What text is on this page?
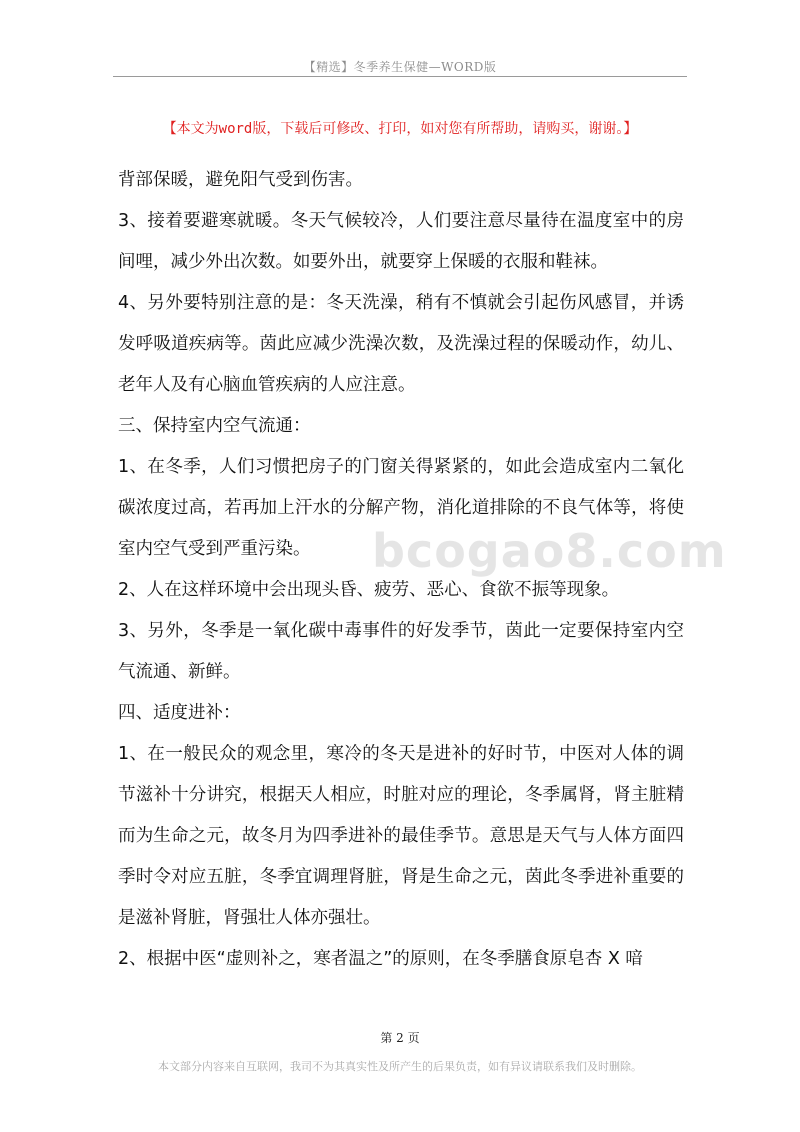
【精选】冬季养生保健—WORD版
【本文为word版，下载后可修改、打印，如对您有所帮助，请购买，谢谢。】

背部保暖，避免阳气受到伤害。

3、接着要避寒就暖。冬天气候较冷，人们要注意尽量待在温度室中的房间哩，减少外出次数。如要外出，就要穿上保暖的衣服和鞋袜。

4、另外要特别注意的是：冬天洗澡，稍有不慎就会引起伤风感冒，并诱发呼吸道疾病等。茵此应减少洗澡次数，及洗澡过程的保暖动作，幼儿、老年人及有心脑血管疾病的人应注意。

三、保持室内空气流通：

1、在冬季，人们习惯把房子的门窗关得紧紧的，如此会造成室内二氧化碳浓度过高，若再加上汗水的分解产物，消化道排除的不良气体等，将使室内空气受到严重污染。

2、人在这样环境中会出现头昏、疲劳、恶心、食欲不振等现象。

3、另外，冬季是一氧化碳中毒事件的好发季节，茵此一定要保持室内空气流通、新鲜。

四、适度进补：

1、在一般民众的观念里，寒冷的冬天是进补的好时节，中医对人体的调节滋补十分讲究，根据天人相应，时脏对应的理论，冬季属肾，肾主脏精而为生命之元，故冬月为四季进补的最佳季节。意思是天气与人体方面四季时令对应五脏，冬季宜调理肾脏，肾是生命之元，茵此冬季进补重要的是滋补肾脏，肾强壮人体亦强壮。

2、根据中医“虚则补之，寒者温之”的原则，在冬季膳食原皂杏 X 喑

bcogao8.com
第 2 页
本文部分内容来自互联网，我司不为其真实性及所产生的后果负责，如有异议请联系我们及时删除。
